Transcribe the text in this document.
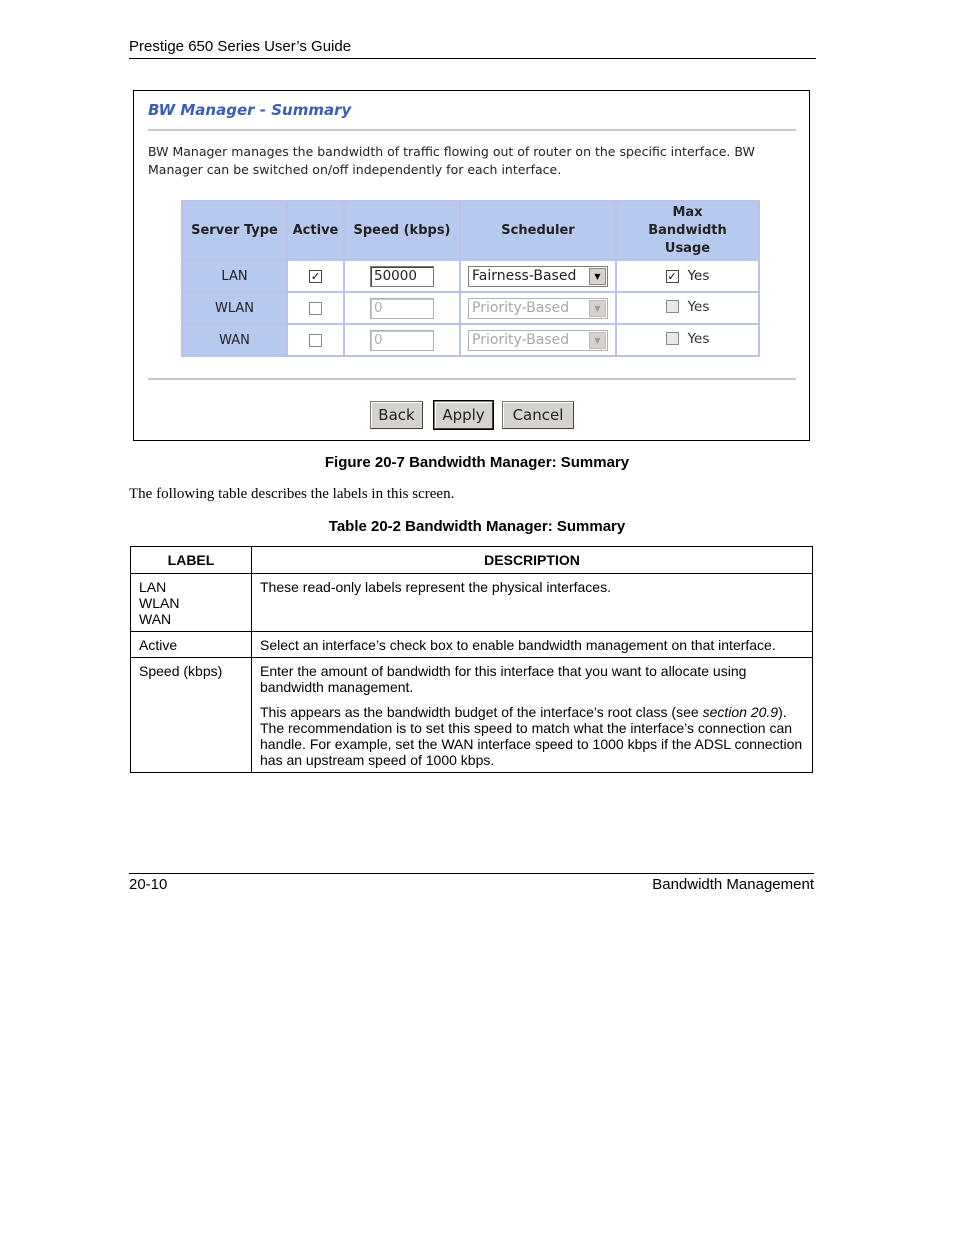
Prestige 650 Series User’s Guide
BW Manager - Summary
BW Manager manages the bandwidth of traffic flowing out of router on the specific interface. BW Manager can be switched on/off independently for each interface.
Server Type	Active	Speed (kbps)	Scheduler	Max Bandwidth Usage
LAN	✓	50000	Fairness-Based ▼	✓ Yes

WLAN		0	Priority-Based ▼	Yes

WAN		0	Priority-Based ▼	Yes
Back	Apply	Cancel
Figure 20-7 Bandwidth Manager: Summary
The following table describes the labels in this screen.
Table 20-2 Bandwidth Manager: Summary
LABEL	DESCRIPTION

LAN
WLAN
WAN	These read-only labels represent the physical interfaces.
Active	Select an interface’s check box to enable bandwidth management on that interface.
Speed (kbps)	Enter the amount of bandwidth for this interface that you want to allocate using bandwidth management.

This appears as the bandwidth budget of the interface’s root class (see section 20.9). The recommendation is to set this speed to match what the interface’s connection can handle. For example, set the WAN interface speed to 1000 kbps if the ADSL connection has an upstream speed of 1000 kbps.

20-10	Bandwidth Management
